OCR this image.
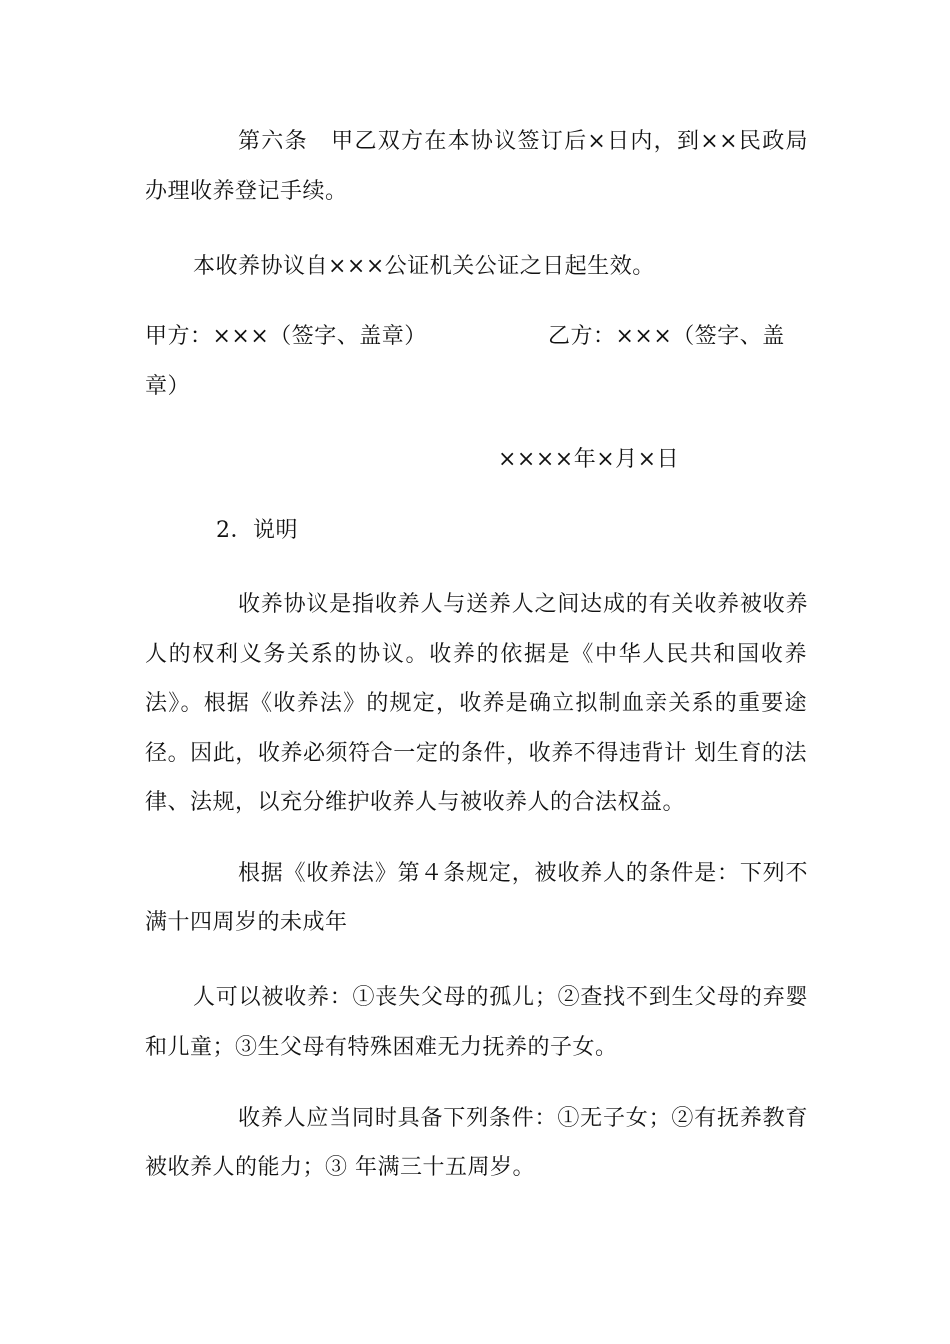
第六条　甲乙双方在本协议签订后×日内，到××民政局
办理收养登记手续。
本收养协议自×××公证机关公证之日起生效。
甲方：×××（签字、盖章）	乙方：×××（签字、盖
章）
××××年×月×日
2．说明
收养协议是指收养人与送养人之间达成的有关收养被收养
人的权利义务关系的协议。收养的依据是《中华人民共和国收养
法》。根据《收养法》的规定，收养是确立拟制血亲关系的重要途
径。因此，收养必须符合一定的条件，收养不得违背计 划生育的法
律、法规，以充分维护收养人与被收养人的合法权益。
根据《收养法》第４条规定，被收养人的条件是：下列不
满十四周岁的未成年
人可以被收养：①丧失父母的孤儿；②查找不到生父母的弃婴
和儿童；③生父母有特殊困难无力抚养的子女。
收养人应当同时具备下列条件：①无子女；②有抚养教育
被收养人的能力；③ 年满三十五周岁。
